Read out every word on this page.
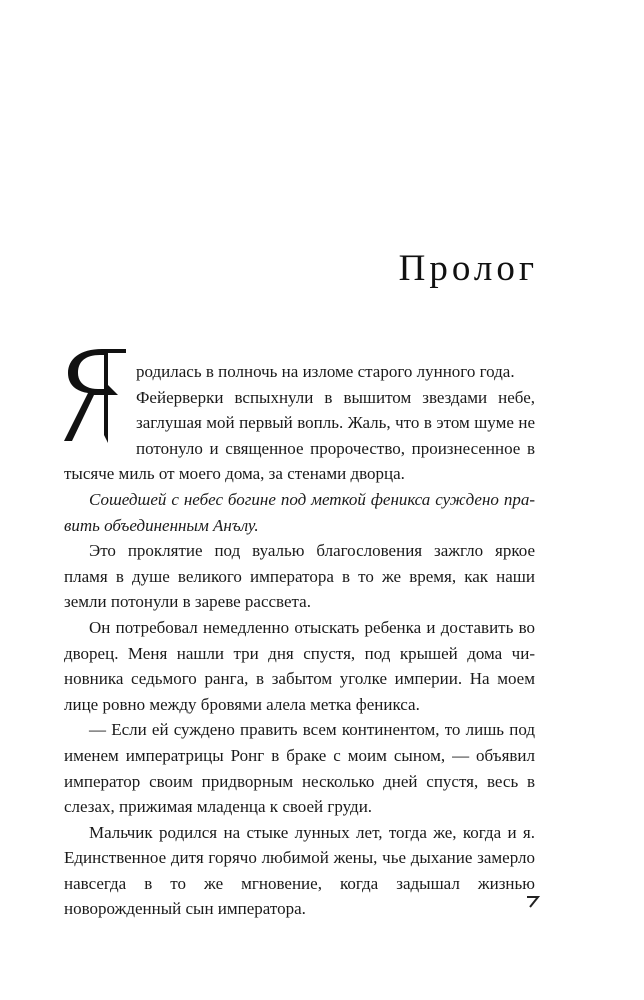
Пролог

родилась в полночь на изломе старого лунного года.

Фейерверки вспыхнули в вышитом звездами небе, заглушая мой первый вопль. Жаль, что в этом шуме не потонуло и священное пророчество, произнесенное в тысяче миль от моего дома, за стенами дворца.

Сошедшей с небес богине под меткой феникса суждено править объединенным Анълу.

Это проклятие под вуалью благословения зажгло яркое пламя в душе великого императора в то же время, как наши земли потонули в зареве рассвета.

Он потребовал немедленно отыскать ребенка и доставить во дворец. Меня нашли три дня спустя, под крышей дома чиновника седьмого ранга, в забытом уголке империи. На моем лице ровно между бровями алела метка феникса.

— Если ей суждено править всем континентом, то лишь под именем императрицы Ронг в браке с моим сыном, — объявил император своим придворным несколько дней спустя, весь в слезах, прижимая младенца к своей груди.

Мальчик родился на стыке лунных лет, тогда же, когда и я. Единственное дитя горячо любимой жены, чье дыхание замерло навсегда в то же мгновение, когда задышал жизнью новорожденный сын императора.
